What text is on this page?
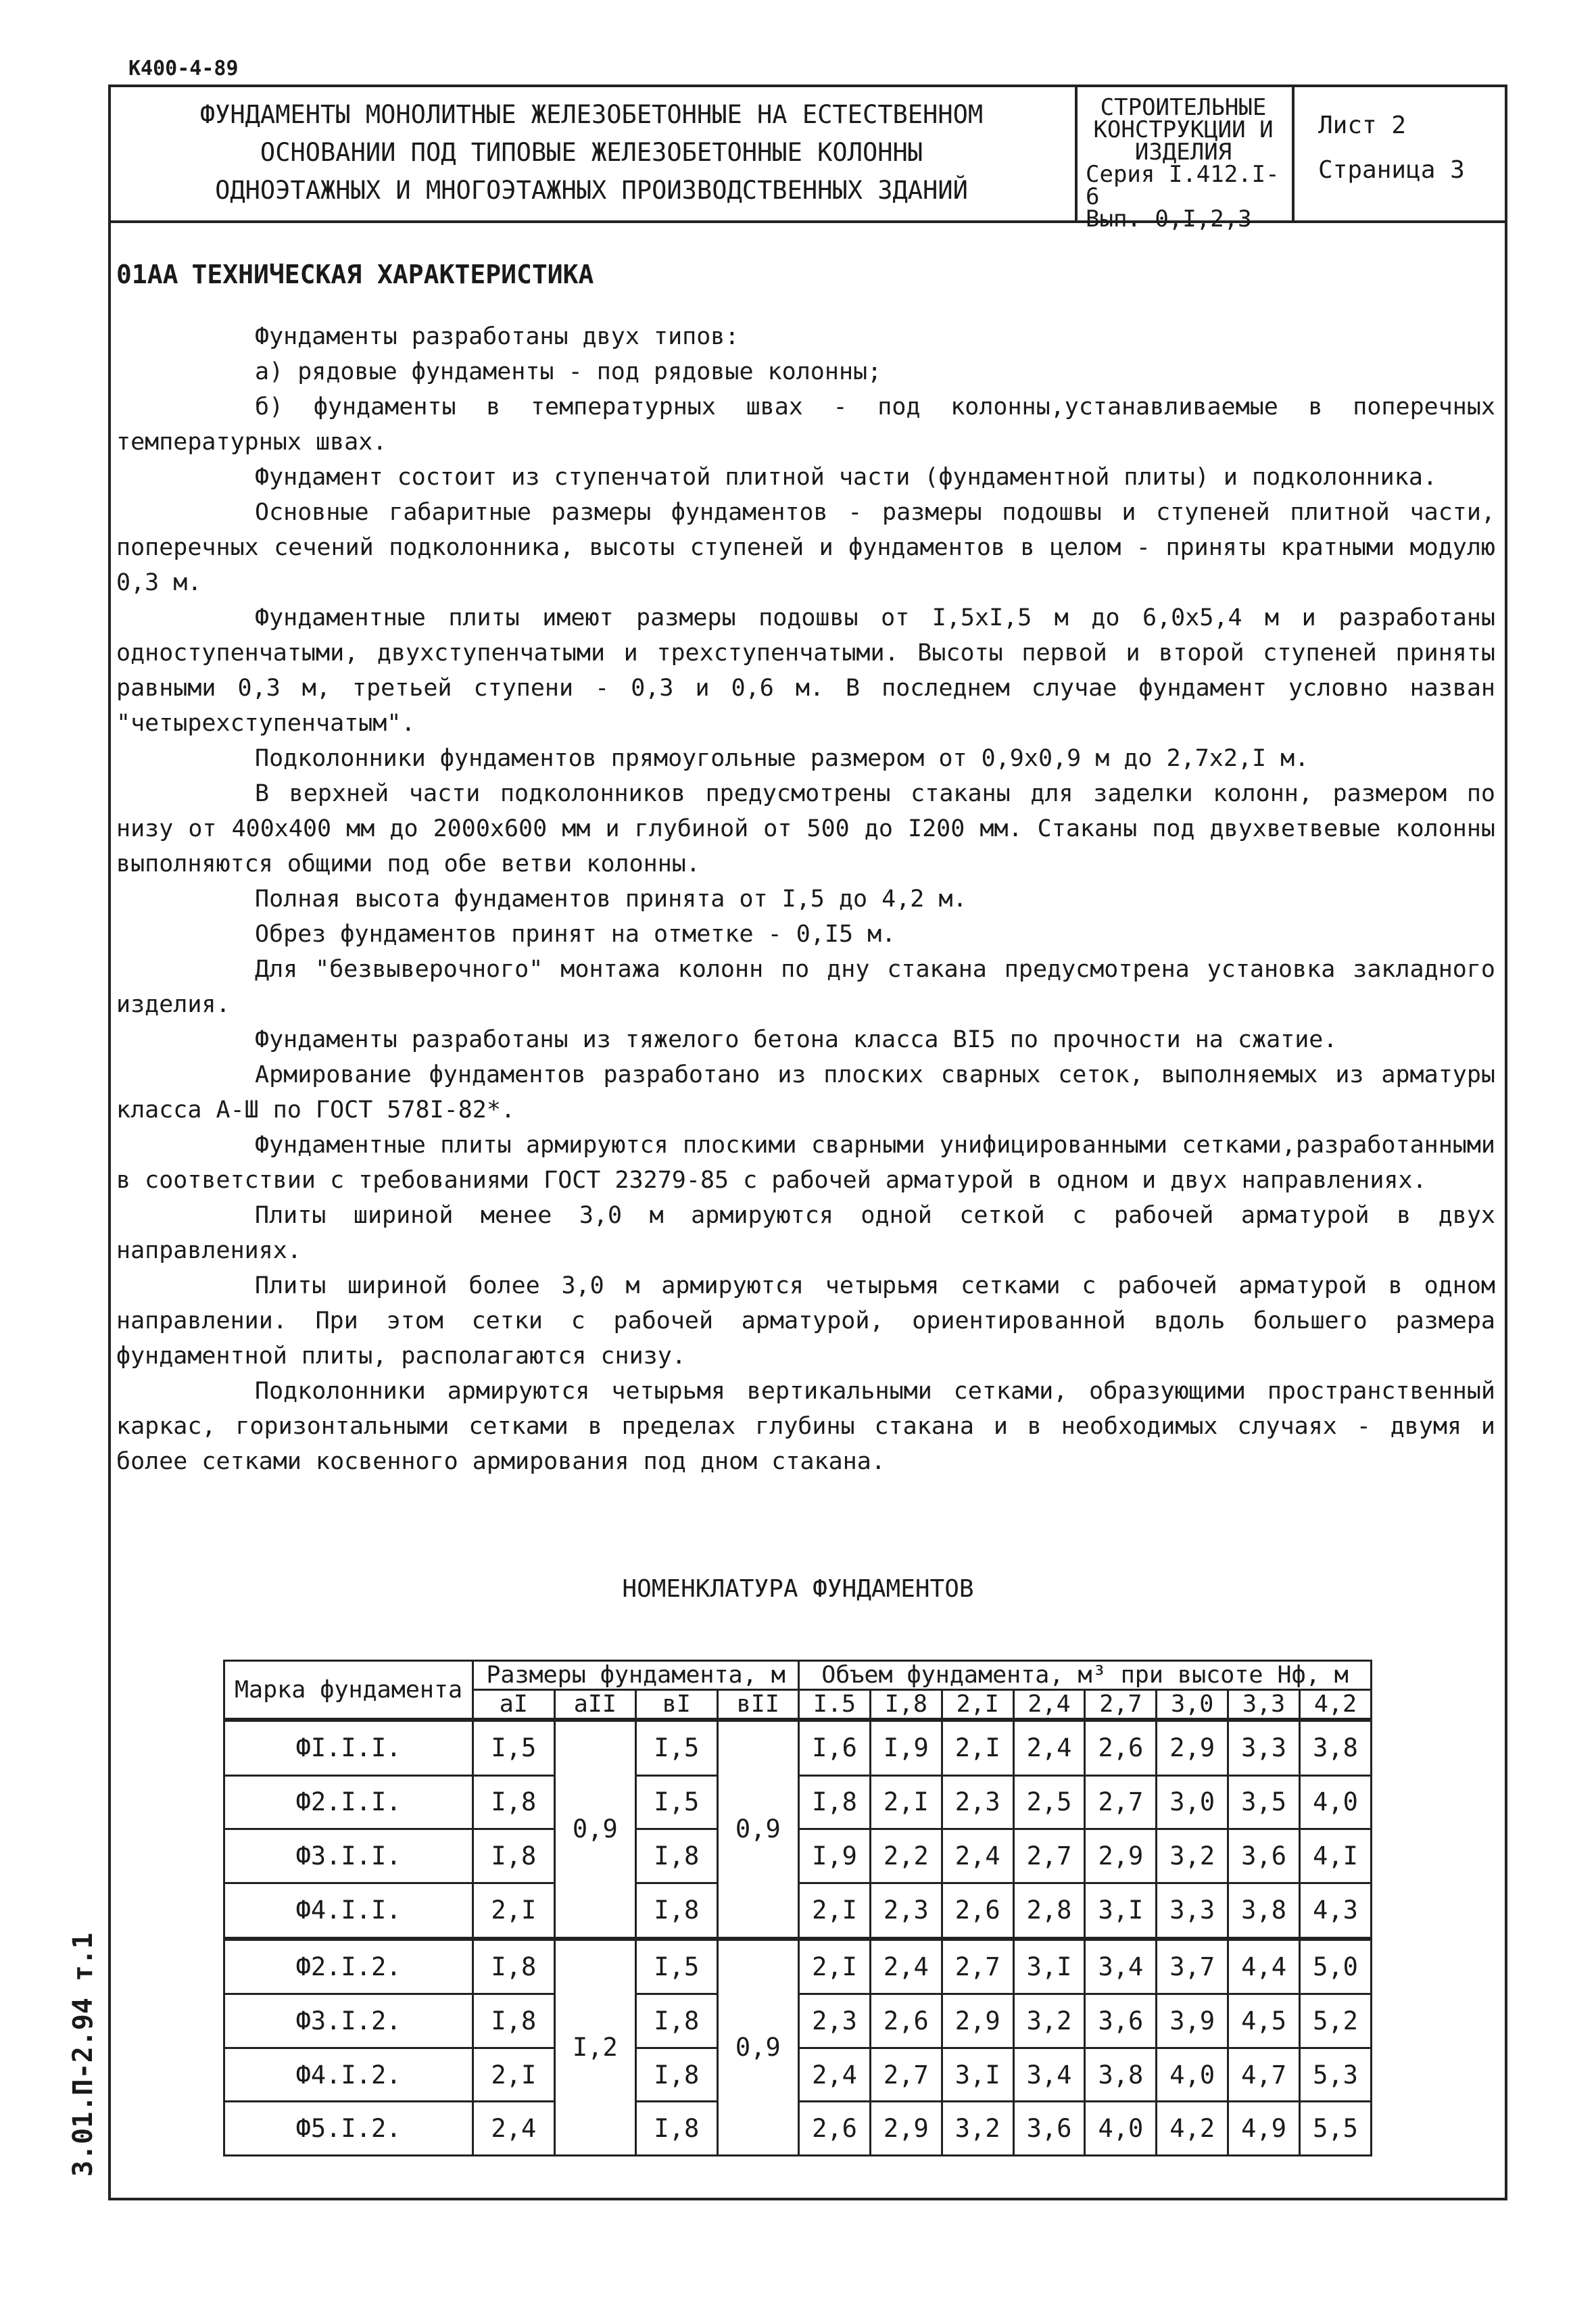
К400-4-89
ФУНДАМЕНТЫ МОНОЛИТНЫЕ ЖЕЛЕЗОБЕТОННЫЕ НА ЕСТЕСТВЕННОМ
ОСНОВАНИИ ПОД ТИПОВЫЕ ЖЕЛЕЗОБЕТОННЫЕ КОЛОННЫ
ОДНОЭТАЖНЫХ И МНОГОЭТАЖНЫХ ПРОИЗВОДСТВЕННЫХ ЗДАНИЙ
СТРОИТЕЛЬНЫЕ
КОНСТРУКЦИИ И
ИЗДЕЛИЯ
Серия I.412.I-6
Вып. 0,I,2,3
Лист 2
Страница 3
01АА ТЕХНИЧЕСКАЯ ХАРАКТЕРИСТИКА

Фундаменты разработаны двух типов:

а) рядовые фундаменты - под рядовые колонны;

б) фундаменты в температурных швах - под колонны,устанавливаемые в поперечных температурных швах.

Фундамент состоит из ступенчатой плитной части (фундаментной плиты) и подколонника.

Основные габаритные размеры фундаментов - размеры подошвы и ступеней плитной части, поперечных сечений подколонника, высоты ступеней и фундаментов в целом - приняты кратными модулю 0,3 м.

Фундаментные плиты имеют размеры подошвы от I,5xI,5 м до 6,0x5,4 м и разработаны одноступенчатыми, двухступенчатыми и трехступенчатыми. Высоты первой и второй ступеней приняты равными 0,3 м, третьей ступени - 0,3 и 0,6 м. В последнем случае фундамент условно назван "четырехступенчатым".

Подколонники фундаментов прямоугольные размером от 0,9x0,9 м до 2,7x2,I м.

В верхней части подколонников предусмотрены стаканы для заделки колонн, размером по низу от 400x400 мм до 2000x600 мм и глубиной от 500 до I200 мм. Стаканы под двухветвевые колонны выполняются общими под обе ветви колонны.

Полная высота фундаментов принята от I,5 до 4,2 м.

Обрез фундаментов принят на отметке - 0,I5 м.

Для "безвыверочного" монтажа колонн по дну стакана предусмотрена установка закладного изделия.

Фундаменты разработаны из тяжелого бетона класса BI5 по прочности на сжатие.

Армирование фундаментов разработано из плоских сварных сеток, выполняемых из арматуры класса А-Ш по ГОСТ 578I-82*.

Фундаментные плиты армируются плоскими сварными унифицированными сетками,разработанными в соответствии с требованиями ГОСТ 23279-85 с рабочей арматурой в одном и двух направлениях.

Плиты шириной менее 3,0 м армируются одной сеткой с рабочей арматурой в двух направлениях.

Плиты шириной более 3,0 м армируются четырьмя сетками с рабочей арматурой в одном направлении. При этом сетки с рабочей арматурой, ориентированной вдоль большего размера фундаментной плиты, располагаются снизу.

Подколонники армируются четырьмя вертикальными сетками, образующими пространственный каркас, горизонтальными сетками в пределах глубины стакана и в необходимых случаях - двумя и более сетками косвенного армирования под дном стакана.

НОМЕНКЛАТУРА ФУНДАМЕНТОВ
Марка фундамента	Размеры фундамента, м				Объем фундамента, м³ при высоте Нф, м							
	aI	aII	вI	вII	I.5	I,8	2,I	2,4	2,7	3,0	3,3	4,2
ФI.I.I.	I,5	0,9	I,5	0,9	I,6	I,9	2,I	2,4	2,6	2,9	3,3	3,8
Ф2.I.I.	I,8		I,5		I,8	2,I	2,3	2,5	2,7	3,0	3,5	4,0
Ф3.I.I.	I,8		I,8		I,9	2,2	2,4	2,7	2,9	3,2	3,6	4,I
Ф4.I.I.	2,I		I,8		2,I	2,3	2,6	2,8	3,I	3,3	3,8	4,3
Ф2.I.2.	I,8	I,2	I,5	0,9	2,I	2,4	2,7	3,I	3,4	3,7	4,4	5,0
Ф3.I.2.	I,8		I,8		2,3	2,6	2,9	3,2	3,6	3,9	4,5	5,2
Ф4.I.2.	2,I		I,8		2,4	2,7	3,I	3,4	3,8	4,0	4,7	5,3
Ф5.I.2.	2,4		I,8		2,6	2,9	3,2	3,6	4,0	4,2	4,9	5,5
3.01.П-2.94 т.1
